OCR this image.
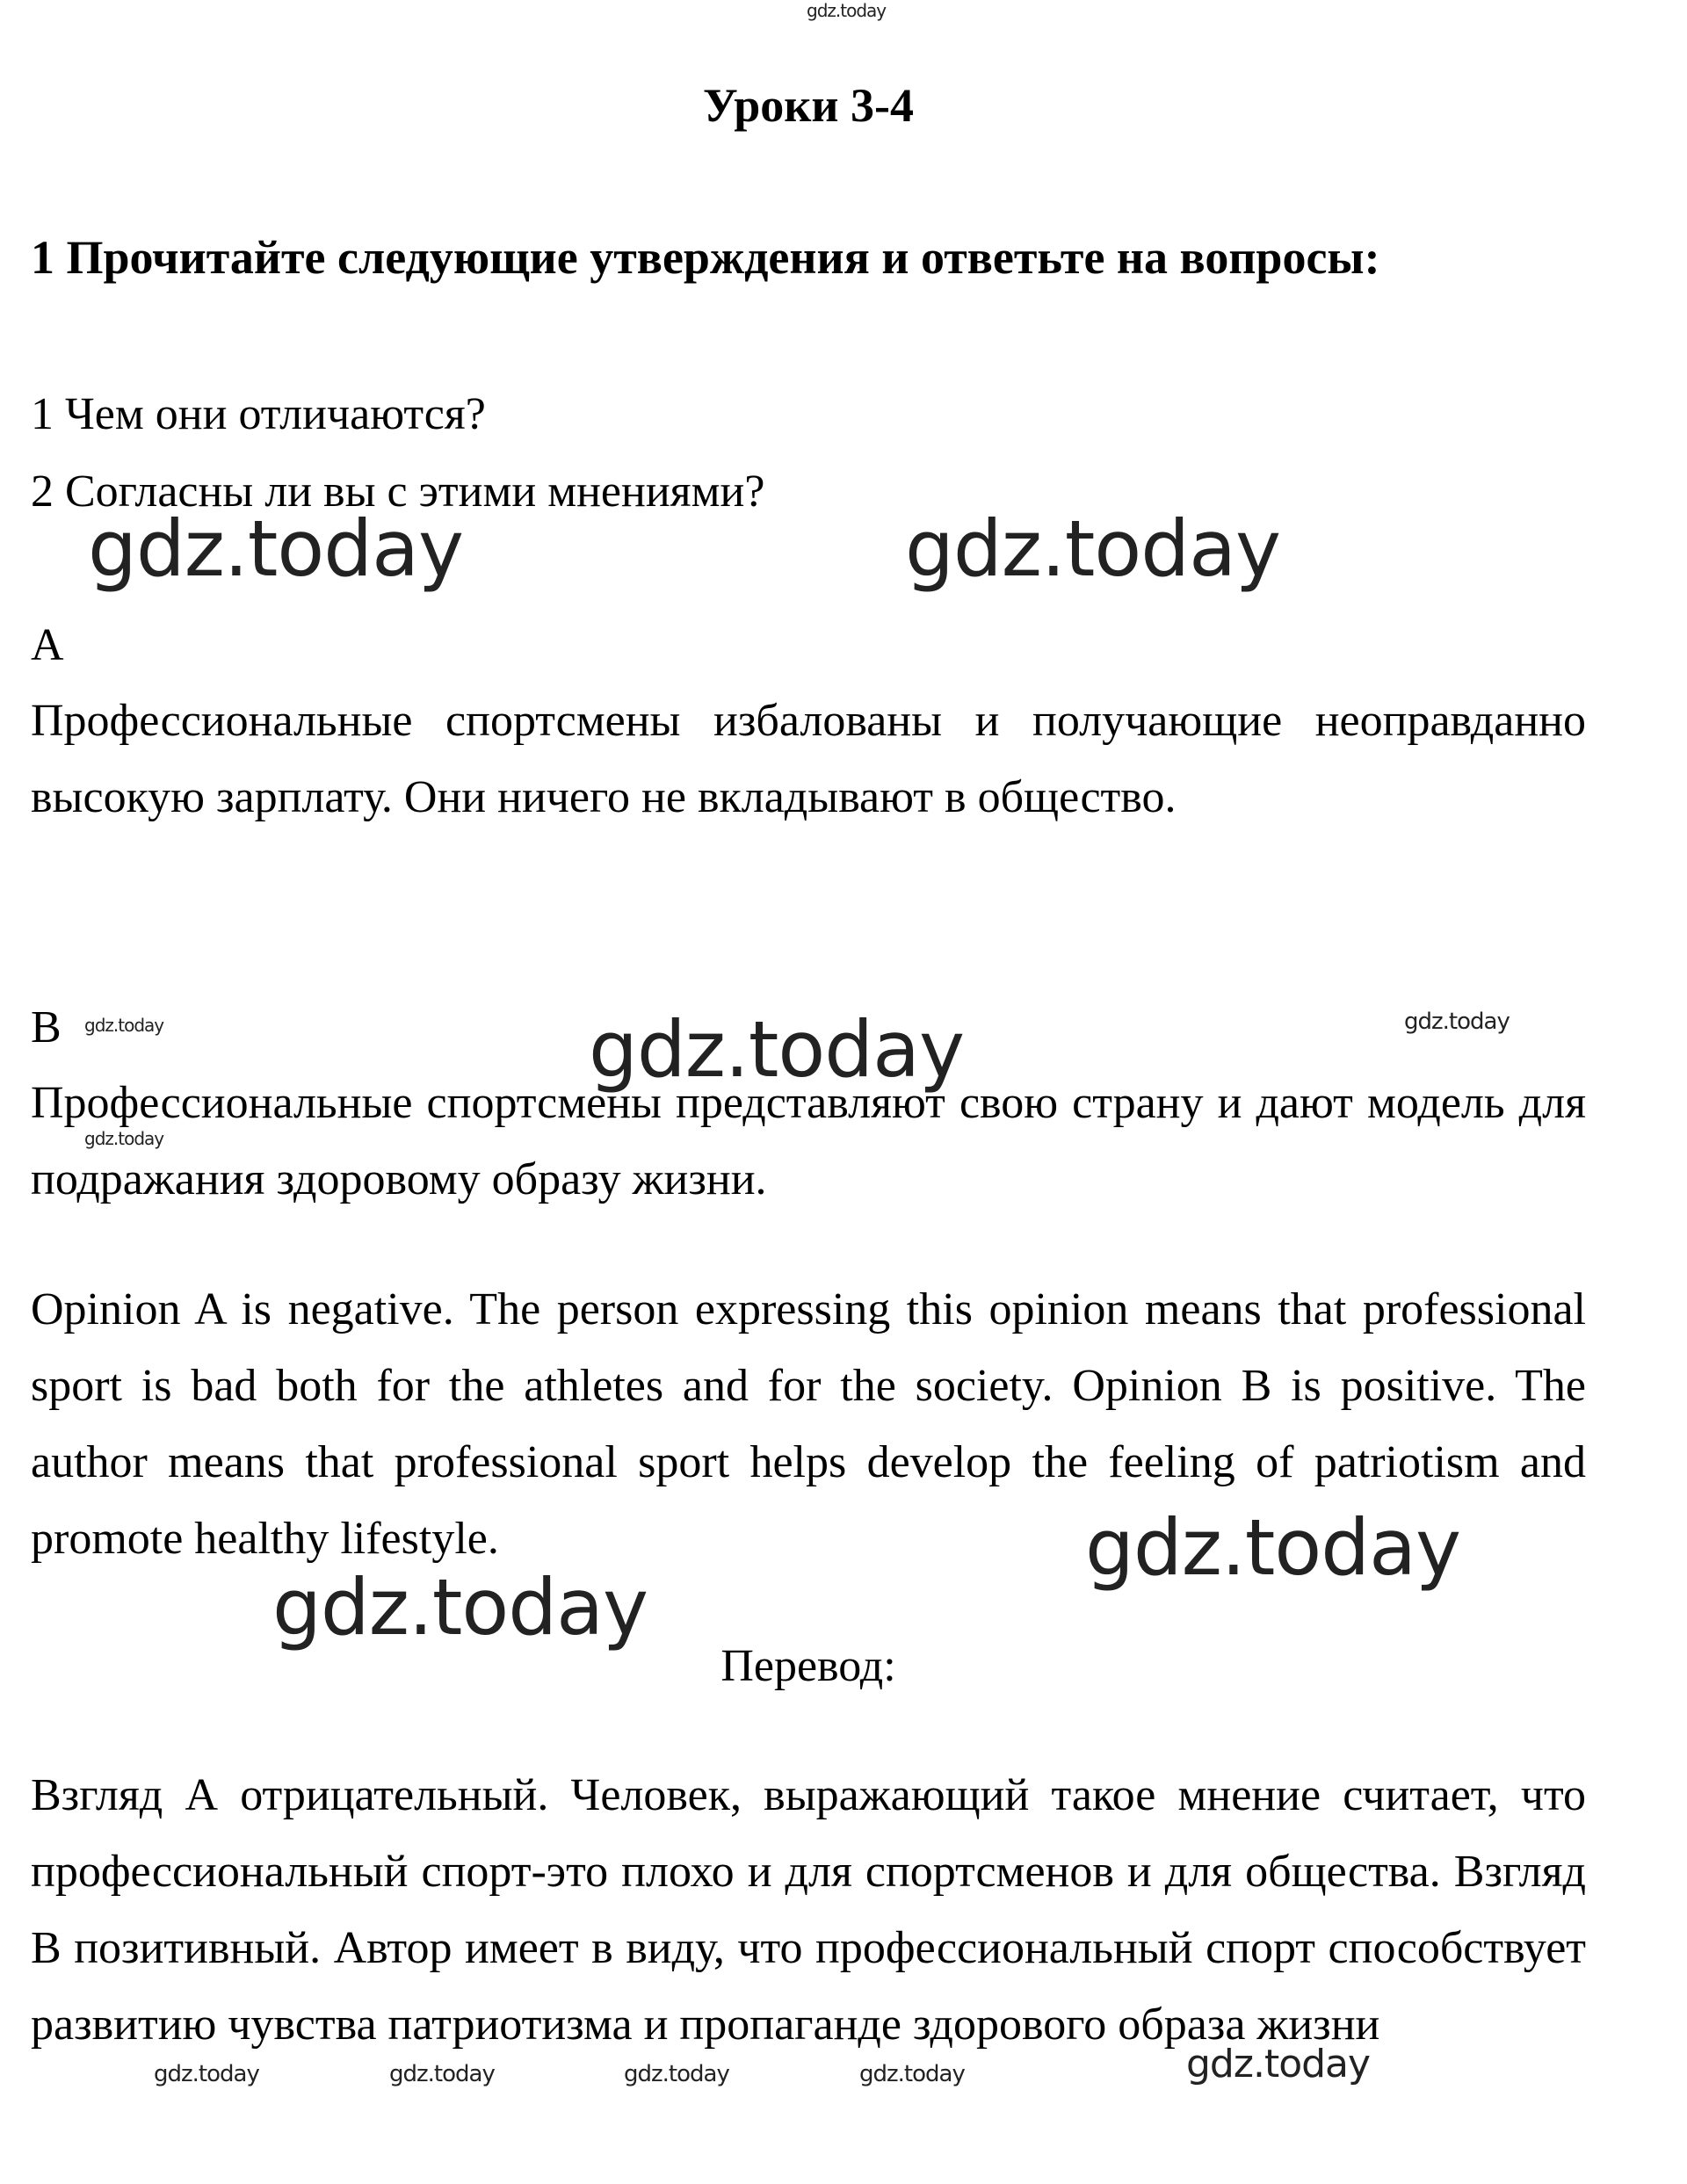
gdz.today
Уроки 3-4
1 Прочитайте следующие утверждения и ответьте на вопросы:
1 Чем они отличаются?
2 Согласны ли вы с этими мнениями?
gdz.today	gdz.today
А
Профессиональные спортсмены избалованы и получающие неоправданно высокую зарплату. Они ничего не вкладывают в общество.
В gdz.today	gdz.today	gdz.today
Профессиональные спортсмены представляют свою страну и дают модель для подражания здоровому образу жизни.
gdz.today
Opinion A is negative. The person expressing this opinion means that professional sport is bad both for the athletes and for the society. Opinion B is positive. The author means that professional sport helps develop the feeling of patriotism and promote healthy lifestyle.	gdz.today
gdz.today
Перевод:
Взгляд А отрицательный. Человек, выражающий такое мнение считает, что профессиональный спорт-это плохо и для спортсменов и для общества. Взгляд В позитивный. Автор имеет в виду, что профессиональный спорт способствует развитию чувства патриотизма и пропаганде здорового образа жизни
gdz.today	gdz.today	gdz.today	gdz.today	gdz.today
